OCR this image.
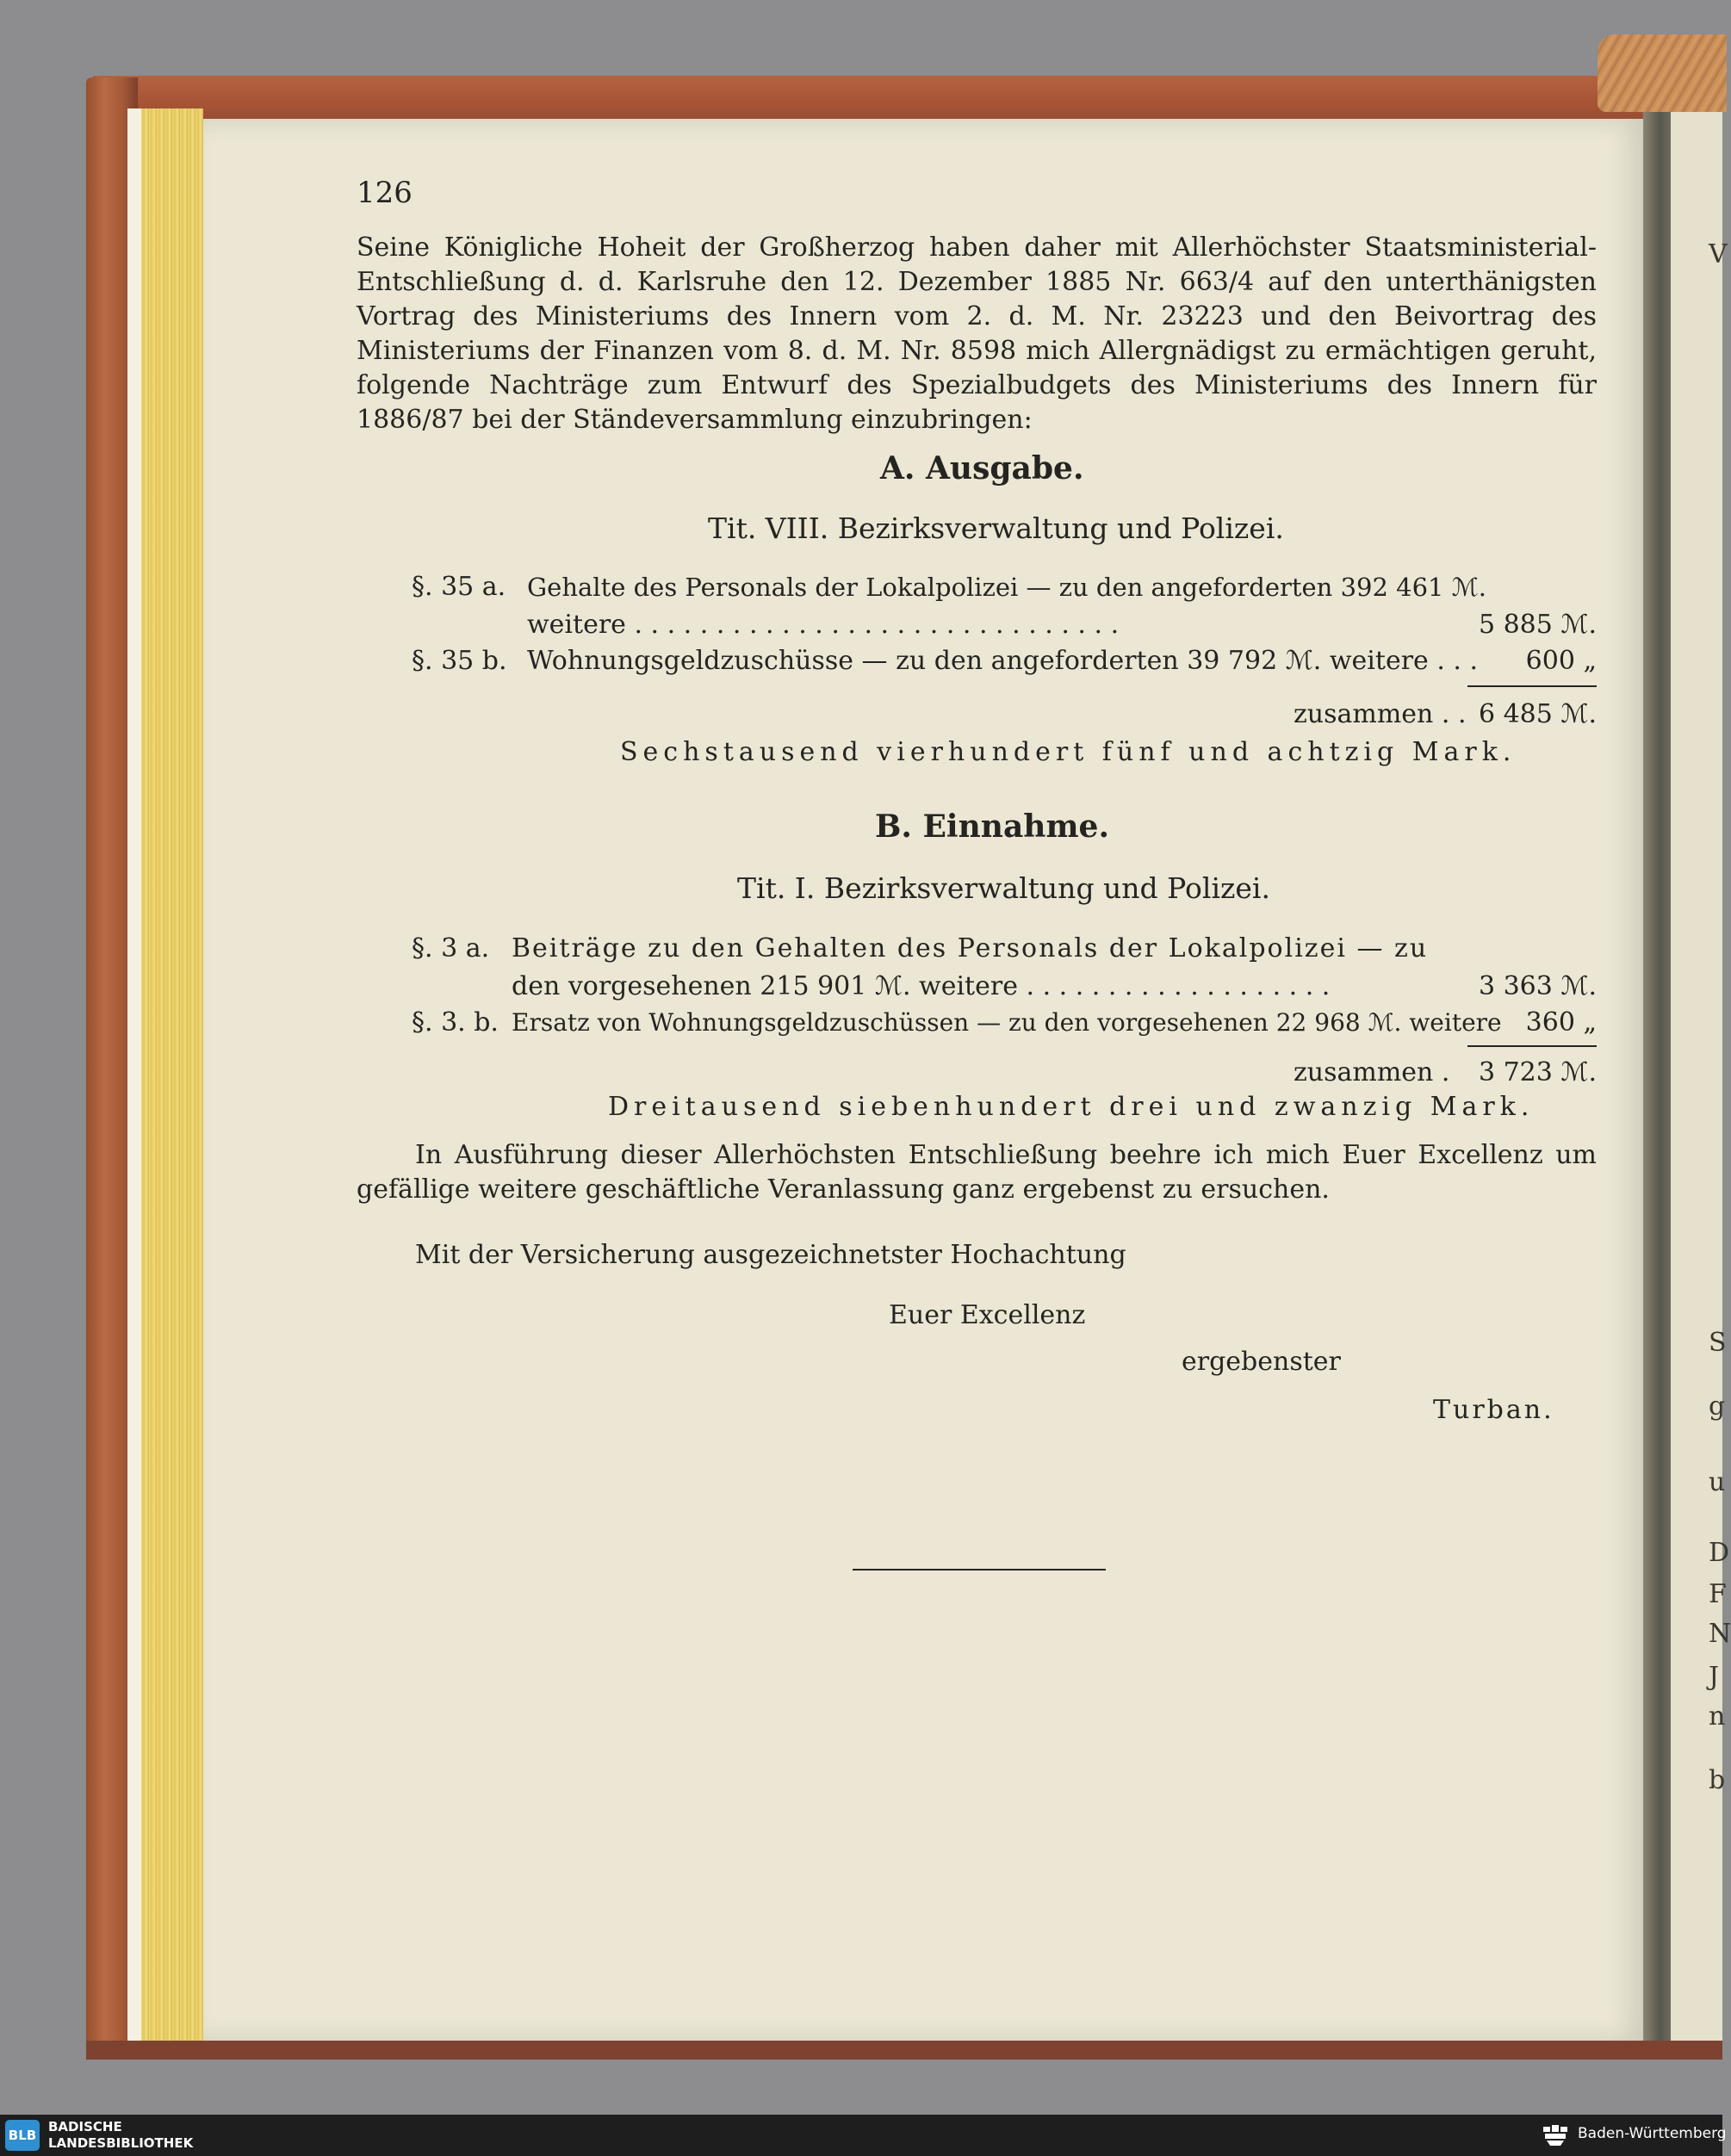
V
S
g
u
D
F
N
J
n
b
126
Seine Königliche Hoheit der Großherzog haben daher mit Allerhöchster Staatsministerial-Entschließung d. d. Karlsruhe den 12. Dezember 1885 Nr. 663/4 auf den unterthänigsten Vortrag des Ministeriums des Innern vom 2. d. M. Nr. 23223 und den Beivortrag des Ministeriums der Finanzen vom 8. d. M. Nr. 8598 mich Allergnädigst zu ermächtigen geruht, folgende Nachträge zum Entwurf des Spezialbudgets des Ministeriums des Innern für 1886/87 bei der Ständeversammlung einzubringen:
A. Ausgabe.
Tit. VIII. Bezirksverwaltung und Polizei.
§. 35 a. Gehalte des Personals der Lokalpolizei — zu den angeforderten 392 461 ℳ.
weitere . . . . . . . . . . . . . . . . . . . . . . . . . . . . . .	5 885 ℳ.
§. 35 b. Wohnungsgeldzuschüsse — zu den angeforderten 39 792 ℳ. weitere . . .	600 „
zusammen . . 6 485 ℳ.
Sechstausend vierhundert fünf und achtzig Mark.
B. Einnahme.
Tit. I. Bezirksverwaltung und Polizei.
§. 3 a. Beiträge zu den Gehalten des Personals der Lokalpolizei — zu
den vorgesehenen 215 901 ℳ. weitere . . . . . . . . . . . . . . . . . . .	3 363 ℳ.
§. 3. b. Ersatz von Wohnungsgeldzuschüssen — zu den vorgesehenen 22 968 ℳ. weitere 360 „
zusammen .	3 723 ℳ.
Dreitausend siebenhundert drei und zwanzig Mark.
In Ausführung dieser Allerhöchsten Entschließung beehre ich mich Euer Excellenz um gefällige weitere geschäftliche Veranlassung ganz ergebenst zu ersuchen.
Mit der Versicherung ausgezeichnetster Hochachtung
Euer Excellenz
ergebenster
Turban.
BLB
BADISCHE
LANDESBIBLIOTHEK
Baden-Württemberg
